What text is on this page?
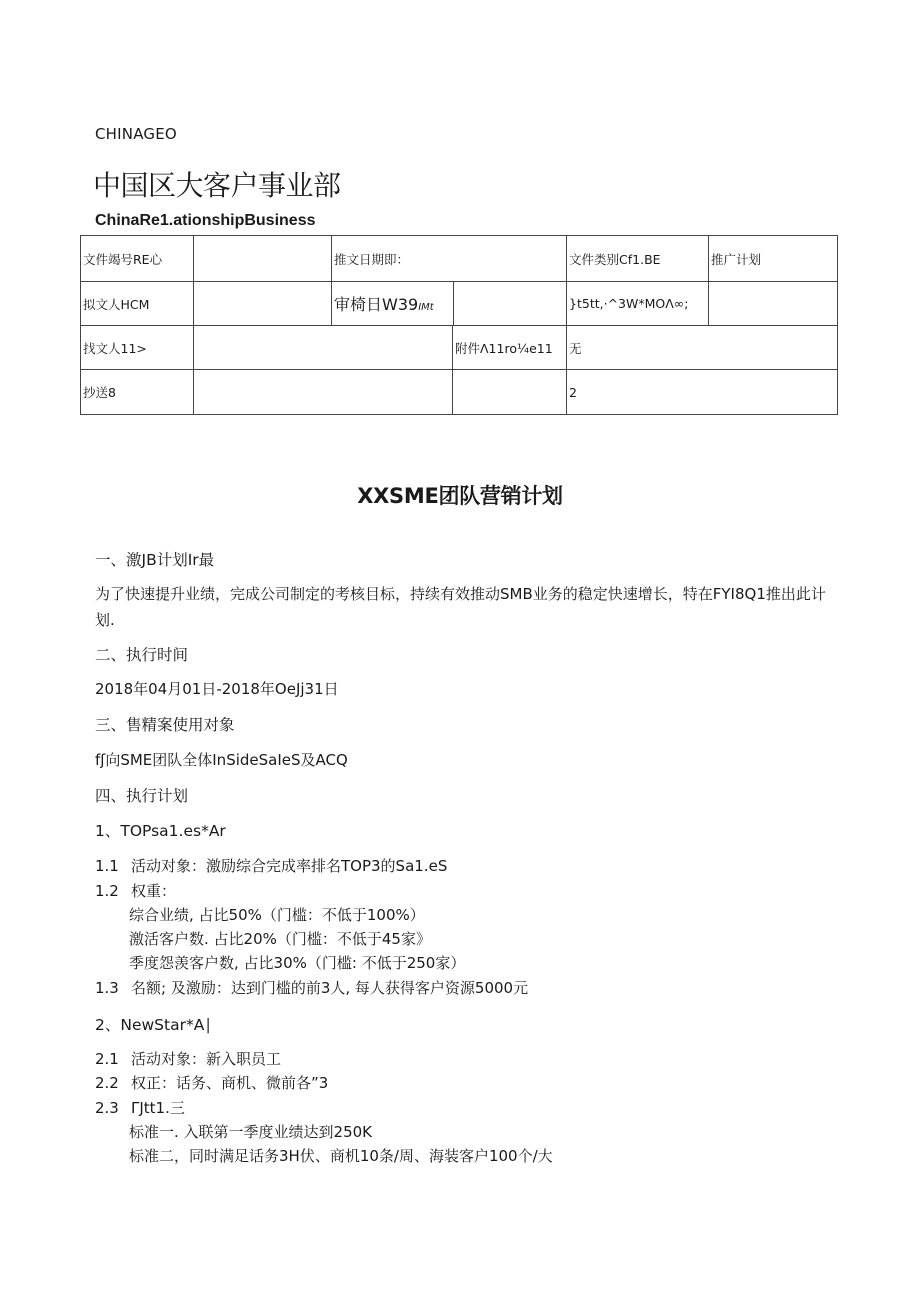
CHINAGEO
中国区大客户事业部
ChinaRe1.ationshipBusiness
文件竭号RE心		推文日期即：		文件类别Cf1.BE	推广计划
拟文人HCM		审椅日W39IMt		}t5tt,·^3W*MOΛ∞;	
找文人11>			附件Λ11ro¼e11	无	
抄送8				2	
XXSME团队营销计划
一、激JB计划Ir最
为了快速提升业绩，完成公司制定的考核目标，持续有效推动SMB业务的稳定快速增长，特在FYI8Q1推出此计划.
二、执行时间
2018年04月01日-2018年OeJj31日
三、售精案使用对象
fʃ向SME团队全体InSideSaIeS及ACQ
四、执行计划
1、TOPsa1.es*Ar
1.1 活动对象：激励综合完成率排名TOP3的Sa1.eS
1.2 权重：
综合业绩, 占比50%（门槛：不低于100%）
激活客户数. 占比20%（门槛：不低于45家》
季度怨羡客户数, 占比30%（门槛: 不低于250家）
1.3 名额; 及激励：达到门槛的前3人, 每人获得客户资源5000元
2、NewStar*A∣
2.1 活动对象：新入职员工
2.2 权正：话务、商机、微前各”3
2.3 ΓJtt1.三
标准一. 入联第一季度业绩达到250K
标准二，同时满足话务3H伏、商机10条/周、海装客户100个/大
